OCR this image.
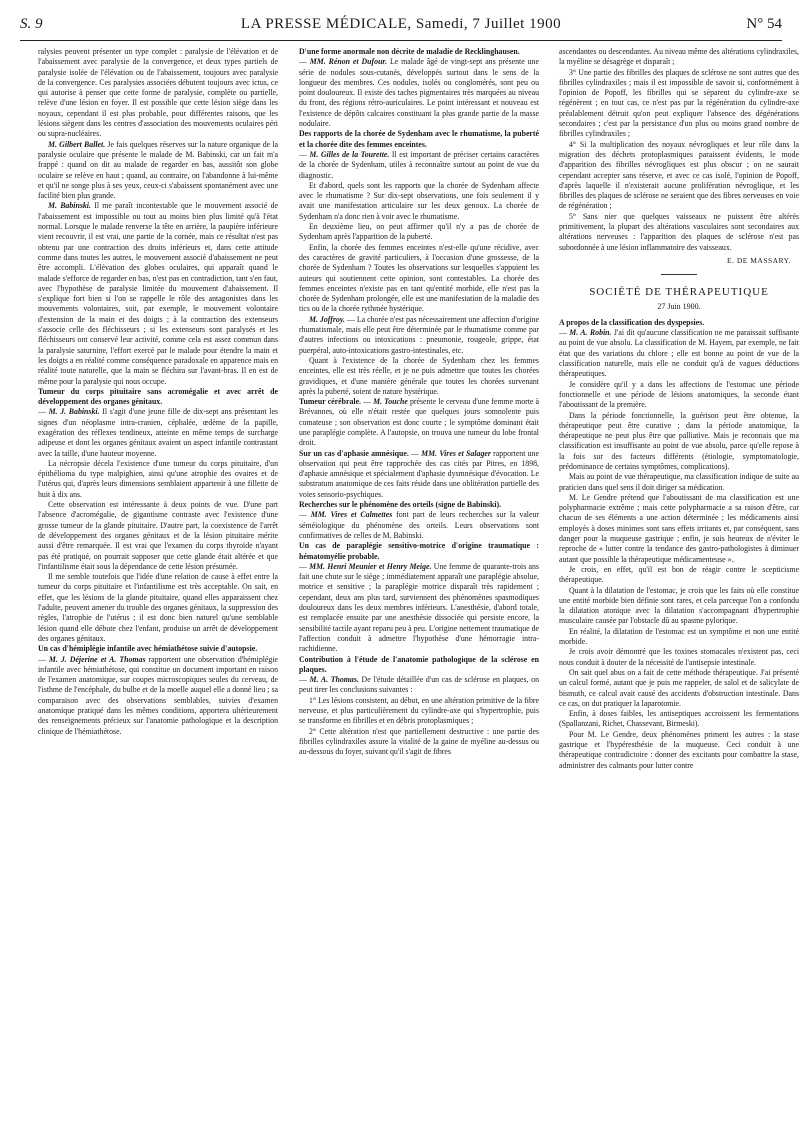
S. 9	LA PRESSE MÉDICALE, Samedi, 7 Juillet 1900	N° 54

ralysies peuvent présenter un type complet : paralysie de l'élévation et de l'abaissement avec paralysie de la convergence, et deux types partiels de paralysie isolée de l'élévation ou de l'abaissement, toujours avec paralysie de la convergence. Ces paralysies associées débutent toujours avec ictus, ce qui autorise à penser que cette forme de paralysie, complète ou partielle, relève d'une lésion en foyer. Il est possible que cette lésion siège dans les noyaux, cependant il est plus probable, pour différentes raisons, que les lésions siègent dans les centres d'association des mouvements oculaires péri ou supra-nucléaires.

M. Gilbert Ballet. Je fais quelques réserves sur la nature organique de la paralysie oculaire que présente le malade de M. Babinski, car un fait m'a frappé : quand on dit au malade de regarder en bas, aussitôt son globe oculaire se relève en haut ; quand, au contraire, on l'abandonne à lui-même et qu'il ne songe plus à ses yeux, ceux-ci s'abaissent spontanément avec une facilité bien plus grande.

M. Babinski. Il me paraît incontestable que le mouvement associé de l'abaissement est impossible ou tout au moins bien plus limité qu'à l'état normal. Lorsque le malade renverse la tête en arrière, la paupière inférieure vient recouvrir, il est vrai, une partie de la cornée, mais ce résultat n'est pas obtenu par une contraction des droits inférieurs et, dans cette attitude comme dans toutes les autres, le mouvement associé d'abaissement ne peut être accompli. L'élévation des globes oculaires, qui apparaît quand le malade s'efforce de regarder en bas, n'est pas en contradiction, tant s'en faut, avec l'hypothèse de paralysie limitée du mouvement d'abaissement. Il s'explique fort bien si l'on se rappelle le rôle des antagonistes dans les mouvements volontaires, soit, par exemple, le mouvement volontaire d'extension de la main et des doigts ; à la contraction des extenseurs s'associe celle des fléchisseurs ; si les extenseurs sont paralysés et les fléchisseurs ont conservé leur activité, comme cela est assez commun dans la paralysie saturnine, l'effort exercé par le malade pour étendre la main et les doigts a en réalité comme conséquence paradoxale en apparence mais en réalité toute naturelle, que la main se fléchira sur l'avant-bras. Il en est de même pour la paralysie qui nous occupe.

Tumeur du corps pituitaire sans acromégalie et avec arrêt de développement des organes génitaux.

— M. J. Babinski. Il s'agit d'une jeune fille de dix-sept ans présentant les signes d'un néoplasme intra-cranien, céphalée, œdème de la papille, exagération des réflexes tendineux, atteinte en même temps de surcharge adipeuse et dont les organes génitaux avaient un aspect infantile contrastant avec la taille, d'une hauteur moyenne.

La nécropsie décela l'existence d'une tumeur du corps pituitaire, d'un épithélioma du type malpighien, ainsi qu'une atrophie des ovaires et de l'utérus qui, d'après leurs dimensions semblaient appartenir à une fillette de huit à dix ans.

Cette observation est intéressante à deux points de vue. D'une part l'absence d'acromégalie, de gigantisme contraste avec l'existence d'une grosse tumeur de la glande pituitaire. D'autre part, la coexistence de l'arrêt de développement des organes génitaux et de la lésion pituitaire mérite aussi d'être remarquée. Il est vrai que l'examen du corps thyroïde n'ayant pas été pratiqué, on pourrait supposer que cette glande était altérée et que l'infantilisme était sous la dépendance de cette lésion présumée.

Il me semble toutefois que l'idée d'une relation de cause à effet entre la tumeur du corps pituitaire et l'infantilisme est très acceptable. On sait, en effet, que les lésions de la glande pituitaire, quand elles apparaissent chez l'adulte, peuvent amener du trouble des organes génitaux, la suppression des règles, l'atrophie de l'utérus ; il est donc bien naturel qu'une semblable lésion quand elle débute chez l'enfant, produise un arrêt de développement des organes génitaux.

Un cas d'hémiplégie infantile avec hémiathétose suivie d'autopsie.

— M. J. Déjerine et A. Thomas rapportent une observation d'hémiplégie infantile avec hémiathétose, qui constitue un document important en raison de l'examen anatomique, sur coupes microscopiques seules du cerveau, de l'isthme de l'encéphale, du bulbe et de la moelle auquel elle a donné lieu ; sa comparaison avec des observations semblables, suivies d'examen anatomique pratiqué dans les mêmes conditions, apportera ultérieurement des renseignements précieux sur l'anatomie pathologique et la description clinique de l'hémiathétose.

D'une forme anormale non décrite de maladie de Recklinghausen.

— MM. Rénon et Dufour. Le malade âgé de vingt-sept ans présente une série de nodules sous-cutanés, développés surtout dans le sens de la longueur des membres. Ces nodules, isolés ou conglomérés, sont peu ou point douloureux. Il existe des taches pigmentaires très marquées au niveau du front, des régions rétro-auriculaires. Le point intéressant et nouveau est l'existence de dépôts calcaires constituant la plus grande partie de la masse nodulaire.

Des rapports de la chorée de Sydenham avec le rhumatisme, la puberté et la chorée dite des femmes enceintes.

— M. Gilles de la Tourette. Il est important de préciser certains caractères de la chorée de Sydenham, utiles à reconnaître surtout au point de vue du diagnostic.

Et d'abord, quels sont les rapports que la chorée de Sydenham affecte avec le rhumatisme ? Sur dix-sept observations, une fois seulement il y avait une manifestation articulaire sur les deux genoux. La chorée de Sydenham n'a donc rien à voir avec le rhumatisme.

En deuxième lieu, on peut affirmer qu'il n'y a pas de chorée de Sydenham après l'apparition de la puberté.

Enfin, la chorée des femmes enceintes n'est-elle qu'une récidive, avec des caractères de gravité particuliers, à l'occasion d'une grossesse, de la chorée de Sydenham ? Toutes les observations sur lesquelles s'appuient les auteurs qui soutiennent cette opinion, sont contestables. La chorée des femmes enceintes n'existe pas en tant qu'entité morbide, elle n'est pas la chorée de Sydenham prolongée, elle est une manifestation de la maladie des tics ou de la chorée rythmée hystérique.

M. Joffroy. — La chorée n'est pas nécessairement une affection d'origine rhumatismale, mais elle peut être déterminée par le rhumatisme comme par d'autres infections ou intoxications : pneumonie, rougeole, grippe, état puerpéral, auto-intoxications gastro-intestinales, etc.

Quant à l'existence de la chorée de Sydenham chez les femmes enceintes, elle est très réelle, et je ne puis admettre que toutes les chorées gravidiques, et d'une manière générale que toutes les chorées survenant après la puberté, soient de nature hystérique.

Tumeur cérébrale. — M. Touche présente le cerveau d'une femme morte à Brévannes, où elle n'était restée que quelques jours somnolente puis comateuse ; son observation est donc courte ; le symptôme dominant était une paraplégie complète. A l'autopsie, on trouva une tumeur du lobe frontal droit.

Sur un cas d'aphasie amnésique. — MM. Vires et Salager rapportent une observation qui peut être rapprochée des cas cités par Pitres, en 1898, d'aphasie amnésique et spécialement d'aphasie dysmnésique d'évocation. Le substratum anatomique de ces faits réside dans une oblitération partielle des voies sensorio-psychiques.

Recherches sur le phénomène des orteils (signe de Babinski).

— MM. Vires et Calmettes font part de leurs recherches sur la valeur séméiologique du phénomène des orteils. Leurs observations sont confirmatives de celles de M. Babinski.

Un cas de paraplégie sensitivo-motrice d'origine traumatique : hématomyélie probable.

— MM. Henri Meunier et Henry Meige. Une femme de quarante-trois ans fait une chute sur le siège ; immédiatement apparaît une paraplégie absolue, motrice et sensitive ; la paraplégie motrice disparaît très rapidement ; cependant, deux ans plus tard, surviennent des phénomènes spasmodiques douloureux dans les deux membres inférieurs. L'anesthésie, d'abord totale, est remplacée ensuite par une anesthésie dissociée qui persiste encore, la sensibilité tactile ayant reparu peu à peu. L'origine nettement traumatique de l'affection conduit à admettre l'hypothèse d'une hémorragie intra-rachidienne.

Contribution à l'étude de l'anatomie pathologique de la sclérose en plaques.

— M. A. Thomas. De l'étude détaillée d'un cas de sclérose en plaques, on peut tirer les conclusions suivantes :

1° Les lésions consistent, au début, en une altération primitive de la fibre nerveuse, et plus particulièrement du cylindre-axe qui s'hypertrophie, puis se transforme en fibrilles et en débris protoplasmiques ;

2° Cette altération n'est que partiellement destructive : une partie des fibrilles cylindraxiles assure la vitalité de la gaine de myéline au-dessus ou au-dessous du foyer, suivant qu'il s'agit de fibres

ascendantes ou descendantes. Au niveau même des altérations cylindraxiles, la myéline se désagrège et disparaît ;

3° Une partie des fibrilles des plaques de sclérose ne sont autres que des fibrilles cylindraxiles ; mais il est impossible de savoir si, conformément à l'opinion de Popoff, les fibrilles qui se séparent du cylindre-axe se régénèrent ; en tout cas, ce n'est pas par la régénération du cylindre-axe préalablement détruit qu'on peut expliquer l'absence des dégénérations secondaires ; c'est par la persistance d'un plus ou moins grand nombre de fibrilles cylindraxiles ;

4° Si la multiplication des noyaux névrogliques et leur rôle dans la migration des déchets protoplasmiques paraissent évidents, le mode d'apparition des fibrilles névrogliques est plus obscur ; on ne saurait cependant accepter sans réserve, et avec ce cas isolé, l'opinion de Popoff, d'après laquelle il n'existerait aucune prolifération névroglique, et les fibrilles des plaques de sclérose ne seraient que des fibres nerveuses en voie de régénération ;

5° Sans nier que quelques vaisseaux ne puissent être altérés primitivement, la plupart des altérations vasculaires sont secondaires aux altérations nerveuses : l'apparition des plaques de sclérose n'est pas subordonnée à une lésion inflammatoire des vaisseaux.

E. DE MASSARY.
SOCIÉTÉ DE THÉRAPEUTIQUE
27 Juin 1900.

A propos de la classification des dyspepsies.

— M. A. Robin. J'ai dit qu'aucune classification ne me paraissait suffisante au point de vue absolu. La classification de M. Hayem, par exemple, ne fait état que des variations du chlore ; elle est bonne au point de vue de la classification naturelle, mais elle ne conduit qu'à de vagues déductions thérapeutiques.

Je considère qu'il y a dans les affections de l'estomac une période fonctionnelle et une période de lésions anatomiques, la seconde étant l'aboutissant de la première.

Dans la période fonctionnelle, la guérison peut être obtenue, la thérapeutique peut être curative ; dans la période anatomique, la thérapeutique ne peut plus être que palliative. Mais je reconnais que ma classification est insuffisante au point de vue absolu, parce qu'elle repose à la fois sur des facteurs différents (étiologie, symptomatologie, prédominance de certains symptômes, complications).

Mais au point de vue thérapeutique, ma classification indique de suite au praticien dans quel sens il doit diriger sa médication.

M. Le Gendre prétend que l'aboutissant de ma classification est une polypharmacie extrême ; mais cette polypharmacie a sa raison d'être, car chacun de ses éléments a une action déterminée ; les médicaments ainsi employés à doses minimes sont sans effets irritants et, par conséquent, sans danger pour la muqueuse gastrique ; enfin, je suis heureux de n'éviter le reproche de « lutter contre la tendance des gastro-pathologistes à diminuer autant que possible la thérapeutique médicamenteuse ».

Je crois, en effet, qu'il est bon de réagir contre le scepticisme thérapeutique.

Quant à la dilatation de l'estomac, je crois que les faits où elle constitue une entité morbide bien définie sont rares, et cela parceque l'on a confondu la dilatation atonique avec la dilatation s'accompagnant d'hypertrophie musculaire causée par l'obstacle dû au spasme pylorique.

En réalité, la dilatation de l'estomac est un symptôme et non une entité morbide.

Je crois avoir démontré que les toxines stomacales n'existent pas, ceci nous conduit à douter de la nécessité de l'antisepsie intestinale.

On sait quel abus on a fait de cette méthode thérapeutique. J'ai présenté un calcul formé, autant que je puis me rappeler, de salol et de salicylate de bismuth, ce calcul avait causé des accidents d'obstruction intestinale. Dans ce cas, on dut pratiquer la laparotomie.

Enfin, à doses faibles, les antiseptiques accroissent les fermentations (Spallanzani, Richet, Chassevant, Birmeski).

Pour M. Le Gendre, deux phénomènes priment les autres : la stase gastrique et l'hypéresthésie de la muqueuse. Ceci conduit à une thérapeutique contradictoire : donner des excitants pour combattre la stase, administrer des calmants pour lutter contre
